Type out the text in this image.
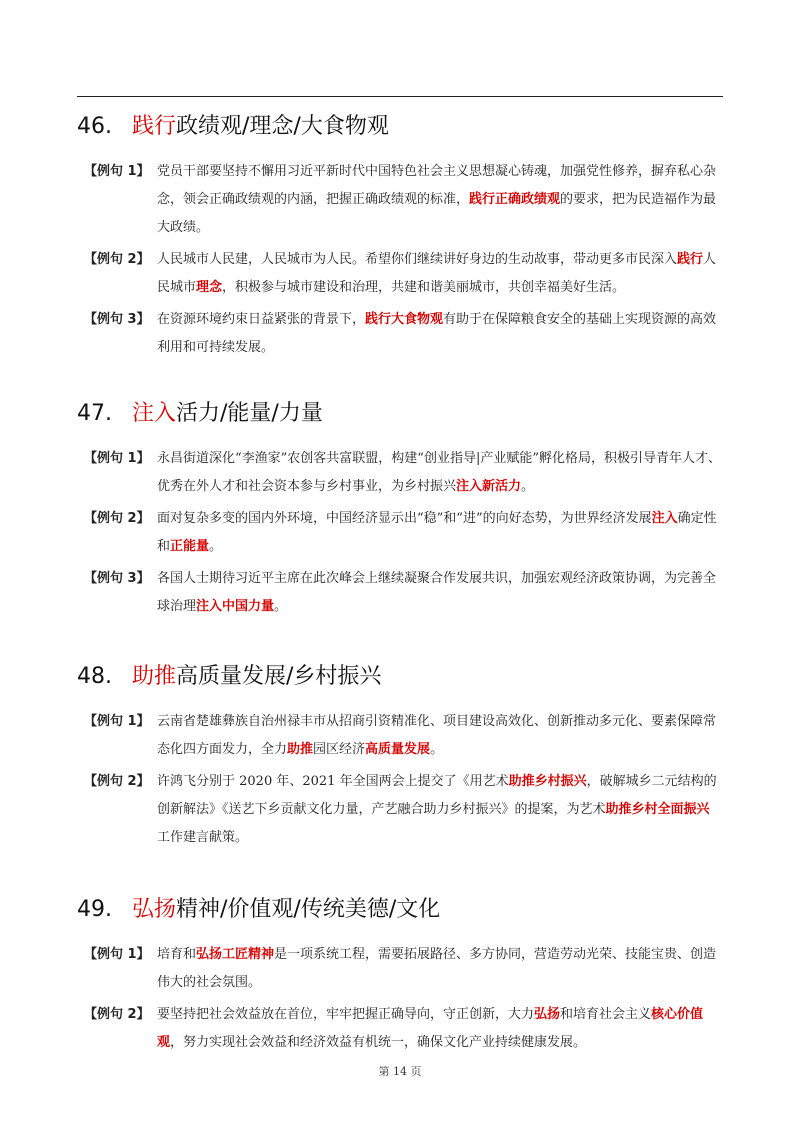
46. 践行政绩观/理念/大食物观
【例句 1】 党员干部要坚持不懈用习近平新时代中国特色社会主义思想凝心铸魂，加强党性修养，摒弃私心杂念，领会正确政绩观的内涵，把握正确政绩观的标准，践行正确政绩观的要求，把为民造福作为最大政绩。
【例句 2】 人民城市人民建，人民城市为人民。希望你们继续讲好身边的生动故事，带动更多市民深入践行人民城市理念，积极参与城市建设和治理，共建和谐美丽城市，共创幸福美好生活。
【例句 3】 在资源环境约束日益紧张的背景下，践行大食物观有助于在保障粮食安全的基础上实现资源的高效利用和可持续发展。
47. 注入活力/能量/力量
【例句 1】 永昌街道深化“李渔家”农创客共富联盟，构建“创业指导|产业赋能”孵化格局，积极引导青年人才、优秀在外人才和社会资本参与乡村事业，为乡村振兴注入新活力。
【例句 2】 面对复杂多变的国内外环境，中国经济显示出“稳”和“进”的向好态势，为世界经济发展注入确定性和正能量。
【例句 3】 各国人士期待习近平主席在此次峰会上继续凝聚合作发展共识，加强宏观经济政策协调，为完善全球治理注入中国力量。
48. 助推高质量发展/乡村振兴
【例句 1】 云南省楚雄彝族自治州禄丰市从招商引资精准化、项目建设高效化、创新推动多元化、要素保障常态化四方面发力，全力助推园区经济高质量发展。
【例句 2】 许鸿飞分别于 2020 年、2021 年全国两会上提交了《用艺术助推乡村振兴，破解城乡二元结构的创新解法》《送艺下乡贡献文化力量，产艺融合助力乡村振兴》的提案，为艺术助推乡村全面振兴工作建言献策。
49. 弘扬精神/价值观/传统美德/文化
【例句 1】 培育和弘扬工匠精神是一项系统工程，需要拓展路径、多方协同，营造劳动光荣、技能宝贵、创造伟大的社会氛围。
【例句 2】 要坚持把社会效益放在首位，牢牢把握正确导向，守正创新，大力弘扬和培育社会主义核心价值观，努力实现社会效益和经济效益有机统一，确保文化产业持续健康发展。
第 14 页
